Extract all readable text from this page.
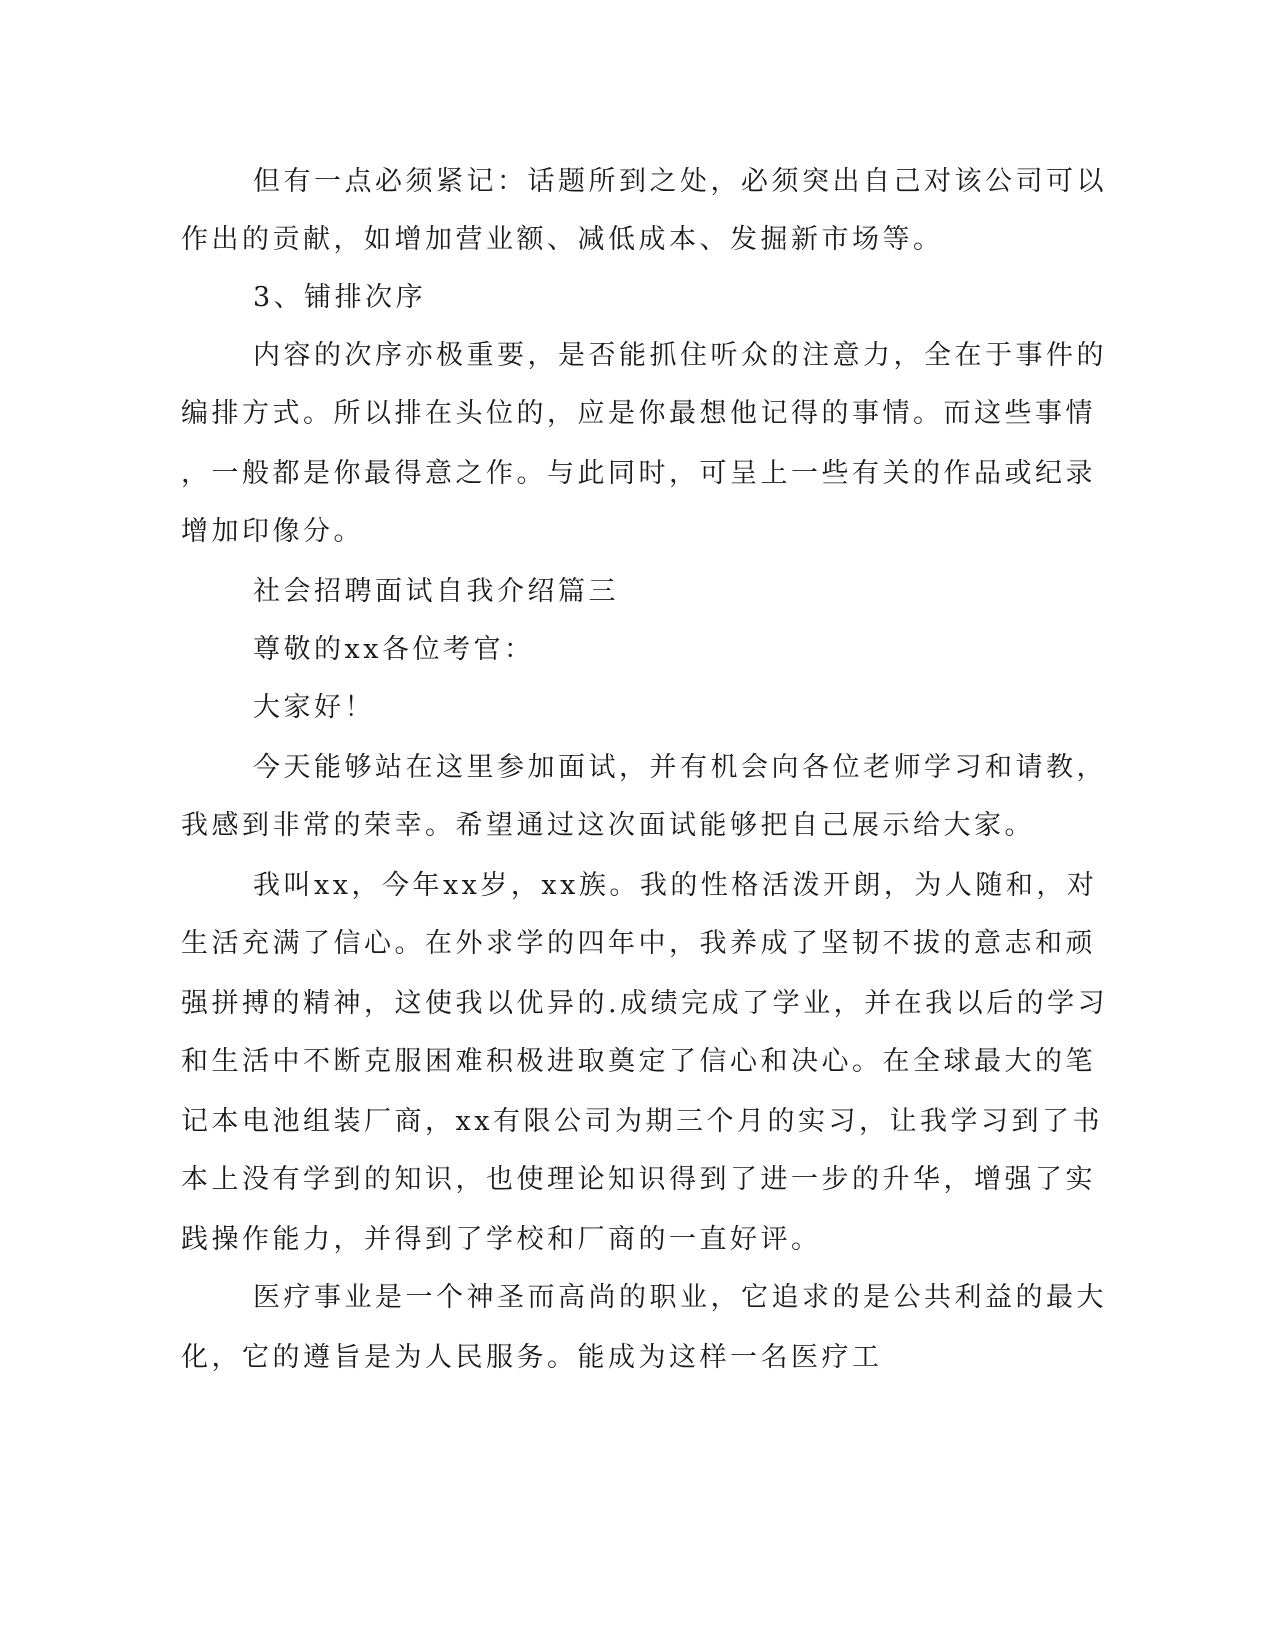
但有一点必须紧记：话题所到之处，必须突出自己对该公司可以
作出的贡献，如增加营业额、减低成本、发掘新市场等。
3、铺排次序
内容的次序亦极重要，是否能抓住听众的注意力，全在于事件的
编排方式。所以排在头位的，应是你最想他记得的事情。而这些事情
，一般都是你最得意之作。与此同时，可呈上一些有关的作品或纪录
增加印像分。
社会招聘面试自我介绍篇三
尊敬的xx各位考官：
大家好！
今天能够站在这里参加面试，并有机会向各位老师学习和请教，
我感到非常的荣幸。希望通过这次面试能够把自己展示给大家。
我叫xx，今年xx岁，xx族。我的性格活泼开朗，为人随和，对
生活充满了信心。在外求学的四年中，我养成了坚韧不拔的意志和顽
强拼搏的精神，这使我以优异的.成绩完成了学业，并在我以后的学习
和生活中不断克服困难积极进取奠定了信心和决心。在全球最大的笔
记本电池组装厂商，xx有限公司为期三个月的实习，让我学习到了书
本上没有学到的知识，也使理论知识得到了进一步的升华，增强了实
践操作能力，并得到了学校和厂商的一直好评。
医疗事业是一个神圣而高尚的职业，它追求的是公共利益的最大
化，它的遵旨是为人民服务。能成为这样一名医疗工
